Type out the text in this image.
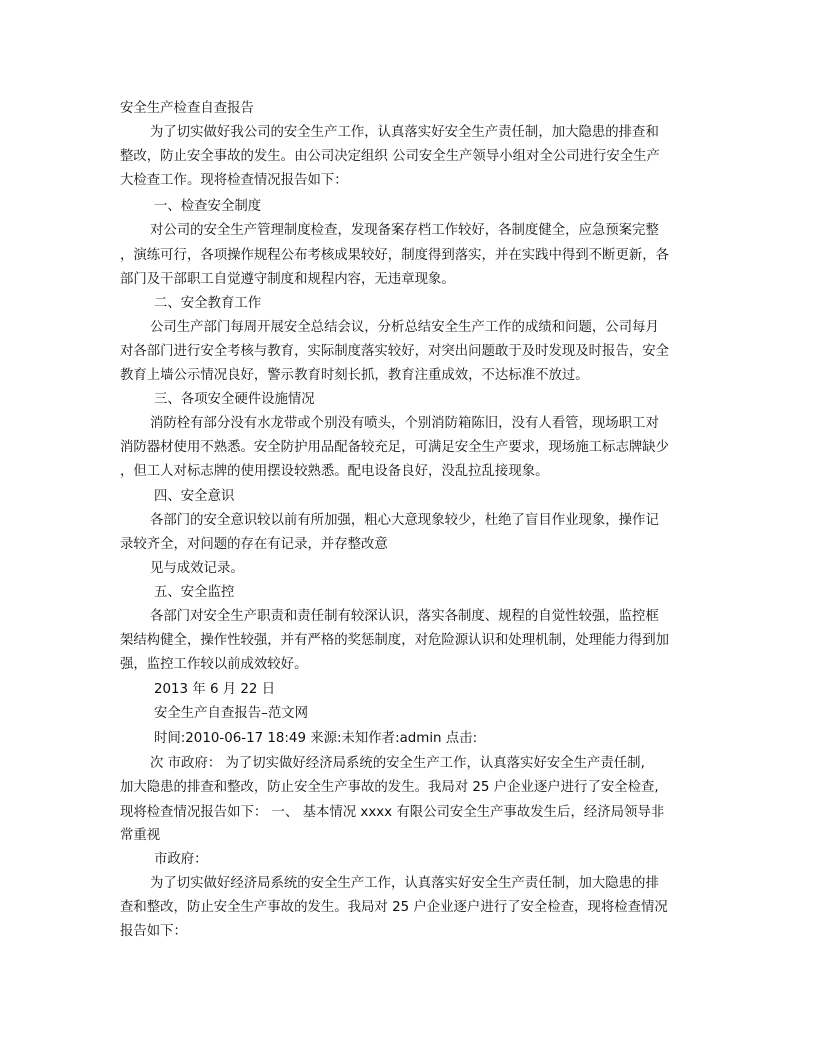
安全生产检查自查报告
为了切实做好我公司的安全生产工作，认真落实好安全生产责任制，加大隐患的排查和
整改，防止安全事故的发生。由公司决定组织 公司安全生产领导小组对全公司进行安全生产
大检查工作。现将检查情况报告如下：
一、检查安全制度
对公司的安全生产管理制度检查，发现备案存档工作较好，各制度健全，应急预案完整
，演练可行，各项操作规程公布考核成果较好，制度得到落实，并在实践中得到不断更新，各
部门及干部职工自觉遵守制度和规程内容，无违章现象。
二、安全教育工作
公司生产部门每周开展安全总结会议，分析总结安全生产工作的成绩和问题，公司每月
对各部门进行安全考核与教育，实际制度落实较好，对突出问题敢于及时发现及时报告，安全
教育上墙公示情况良好，警示教育时刻长抓，教育注重成效，不达标准不放过。
三、各项安全硬件设施情况
消防栓有部分没有水龙带或个别没有喷头，个别消防箱陈旧，没有人看管，现场职工对
消防器材使用不熟悉。安全防护用品配备较充足，可满足安全生产要求，现场施工标志牌缺少
，但工人对标志牌的使用摆设较熟悉。配电设备良好，没乱拉乱接现象。
四、安全意识
各部门的安全意识较以前有所加强，粗心大意现象较少，杜绝了盲目作业现象，操作记
录较齐全，对问题的存在有记录，并存整改意
见与成效记录。
五、安全监控
各部门对安全生产职责和责任制有较深认识，落实各制度、规程的自觉性较强，监控框
架结构健全，操作性较强，并有严格的奖惩制度，对危险源认识和处理机制，处理能力得到加
强，监控工作较以前成效较好。
2013 年 6 月 22 日
安全生产自查报告–范文网
时间:2010-06-17 18:49 来源:未知作者:admin 点击:
次 市政府： 为了切实做好经济局系统的安全生产工作，认真落实好安全生产责任制,
加大隐患的排查和整改，防止安全生产事故的发生。我局对 25 户企业逐户进行了安全检查,
现将检查情况报告如下： 一、 基本情况 xxxx 有限公司安全生产事故发生后，经济局领导非
常重视
市政府：
为了切实做好经济局系统的安全生产工作，认真落实好安全生产责任制，加大隐患的排
查和整改，防止安全生产事故的发生。我局对 25 户企业逐户进行了安全检查，现将检查情况
报告如下：
